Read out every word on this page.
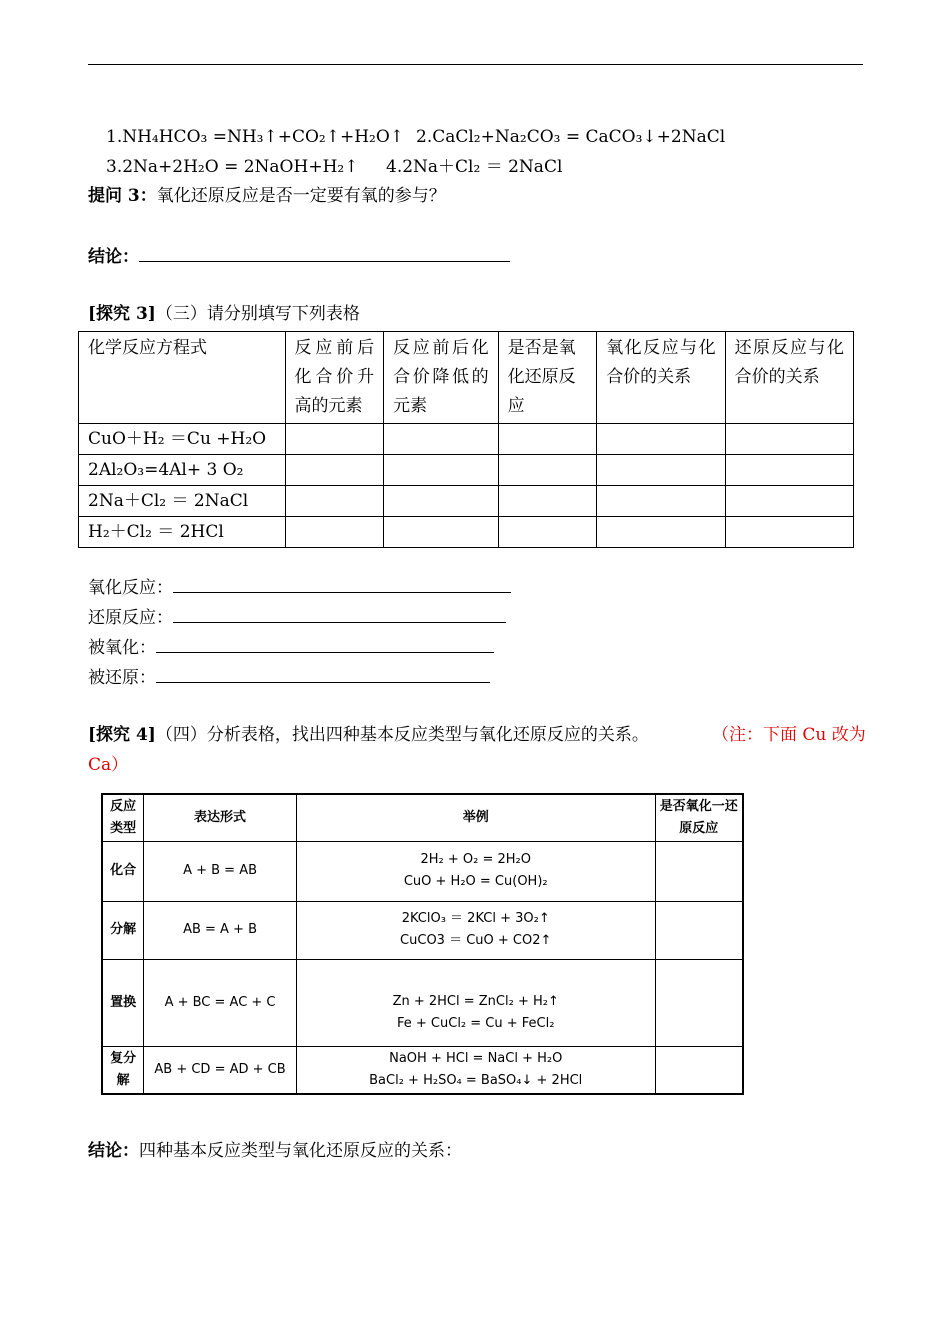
1.NH₄HCO₃ =NH₃↑+CO₂↑+H₂O↑ 2.CaCl₂+Na₂CO₃ = CaCO₃↓+2NaCl
3.2Na+2H₂O = 2NaOH+H₂↑ 4.2Na＋Cl₂ ＝ 2NaCl
提问 3：氧化还原反应是否一定要有氧的参与？
结论：
[探究 3]（三）请分别填写下列表格
化学反应方程式	反应前后化合价升高的元素	反应前后化合价降低的元素	是否是氧化还原反应	氧化反应与化合价的关系	还原反应与化合价的关系
CuO＋H₂ ＝Cu +H₂O					
2Al₂O₃=4Al+ 3 O₂					
2Na＋Cl₂ ＝ 2NaCl					
H₂＋Cl₂ ＝ 2HCl					
氧化反应：
还原反应：
被氧化：
被还原：
[探究 4]（四）分析表格，找出四种基本反应类型与氧化还原反应的关系。	（注：下面 Cu 改为
Ca）
反应类型	表达形式	举例	是否氧化一还原反应
化合	A + B = AB	2H₂ + O₂ = 2H₂O
CuO + H₂O = Cu(OH)₂	

分解	AB = A + B	2KClO₃ ＝ 2KCl + 3O₂↑
CuCO3 ＝ CuO + CO2↑	

置换	A + BC = AC + C	Zn + 2HCl = ZnCl₂ + H₂↑
Fe + CuCl₂ = Cu + FeCl₂	

复分解	AB + CD = AD + CB	NaOH + HCl = NaCl + H₂O
BaCl₂ + H₂SO₄ = BaSO₄↓ + 2HCl	

结论：四种基本反应类型与氧化还原反应的关系：
